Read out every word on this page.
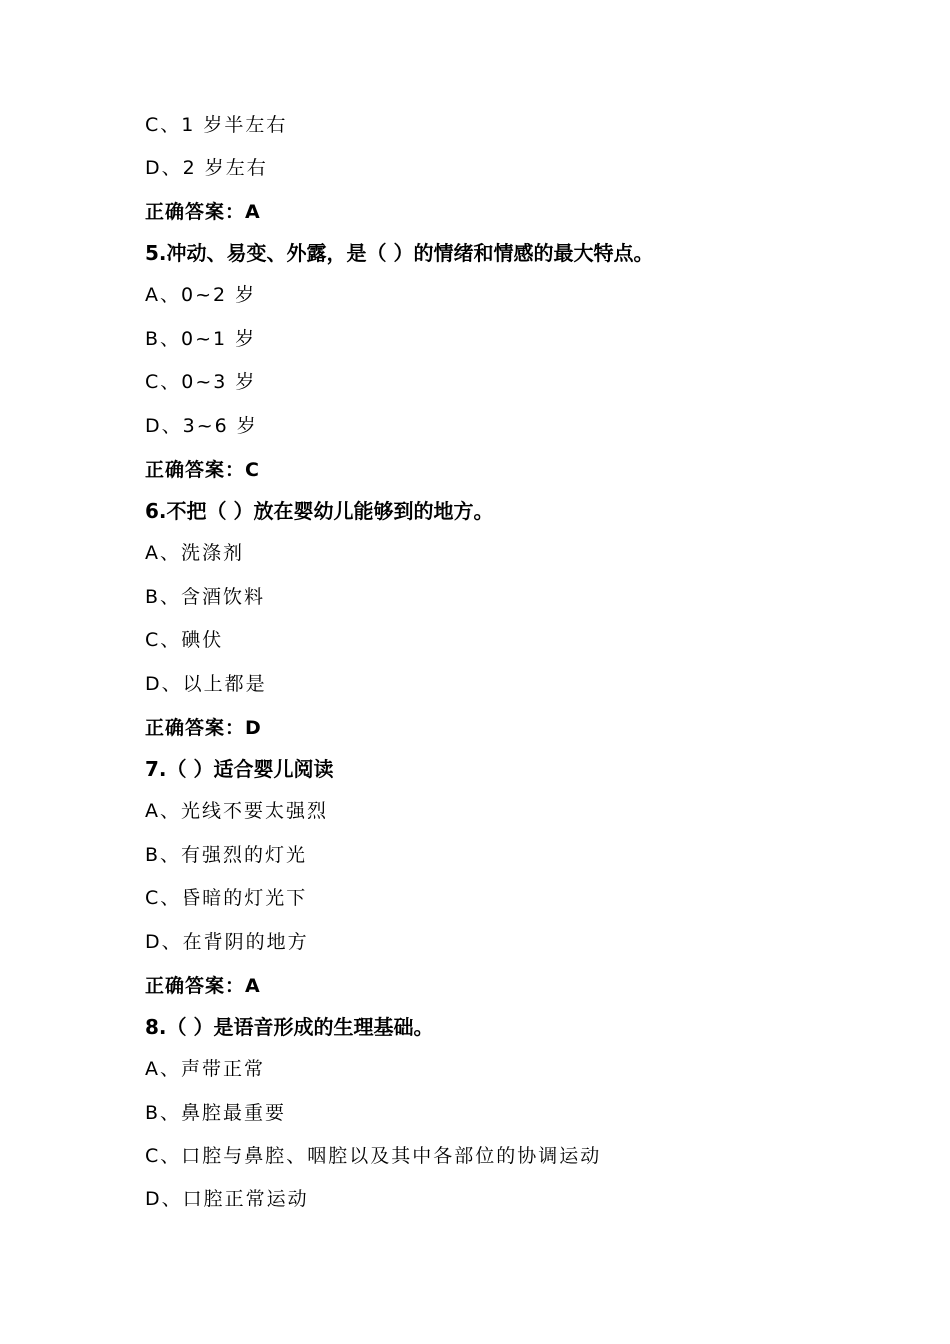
C、1 岁半左右
D、2 岁左右
正确答案：A
5.冲动、易变、外露，是（ ）的情绪和情感的最大特点。
A、0~2 岁
B、0~1 岁
C、0~3 岁
D、3~6 岁
正确答案：C
6.不把（ ）放在婴幼儿能够到的地方。
A、洗涤剂
B、含酒饮料
C、碘伏
D、以上都是
正确答案：D
7.（ ）适合婴儿阅读
A、光线不要太强烈
B、有强烈的灯光
C、昏暗的灯光下
D、在背阴的地方
正确答案：A
8.（ ）是语音形成的生理基础。
A、声带正常
B、鼻腔最重要
C、口腔与鼻腔、咽腔以及其中各部位的协调运动
D、口腔正常运动
